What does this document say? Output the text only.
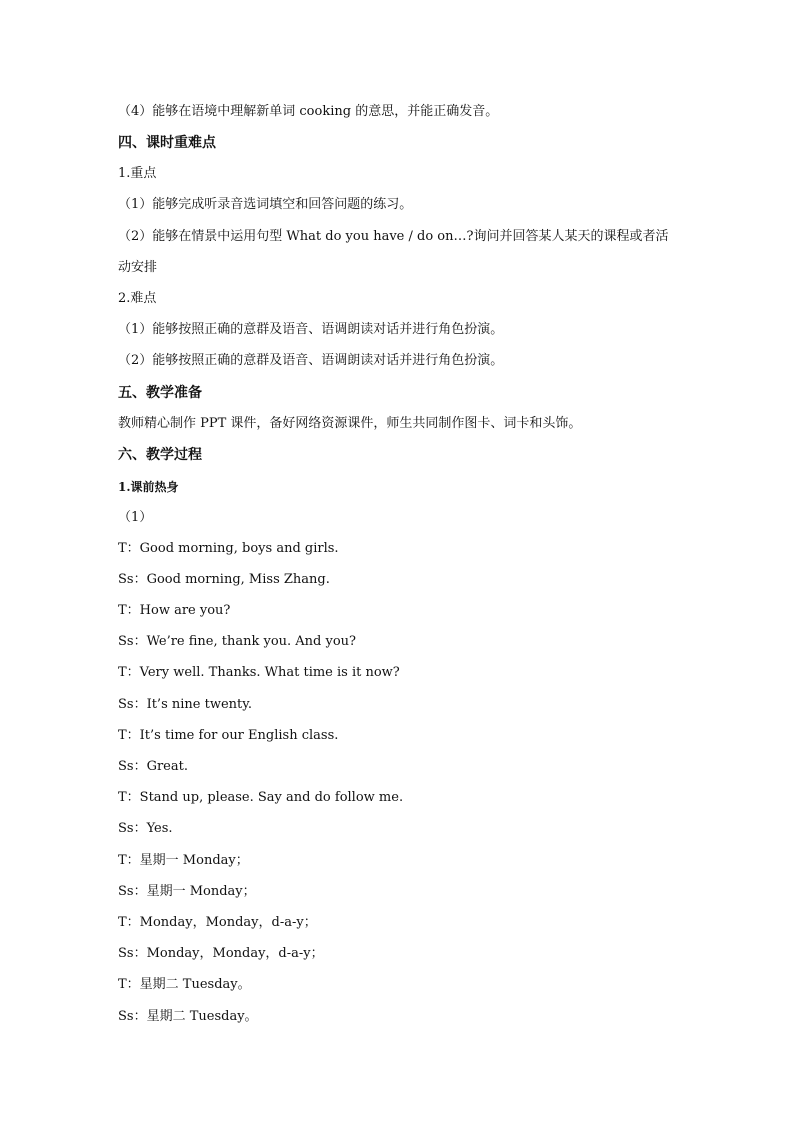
（4）能够在语境中理解新单词 cooking 的意思，并能正确发音。
四、课时重难点
1.重点
（1）能够完成听录音选词填空和回答问题的练习。
（2）能够在情景中运用句型 What do you have / do on…?询问并回答某人某天的课程或者活
动安排
2.难点
（1）能够按照正确的意群及语音、语调朗读对话并进行角色扮演。
（2）能够按照正确的意群及语音、语调朗读对话并进行角色扮演。
五、教学准备
教师精心制作 PPT 课件，备好网络资源课件，师生共同制作图卡、词卡和头饰。
六、教学过程
1.课前热身
（1）
T：Good morning, boys and girls.
Ss：Good morning, Miss Zhang.
T：How are you?
Ss：We’re fine, thank you. And you?
T：Very well. Thanks. What time is it now?
Ss：It’s nine twenty.
T：It’s time for our English class.
Ss：Great.
T：Stand up, please. Say and do follow me.
Ss：Yes.
T：星期一 Monday；
Ss：星期一 Monday；
T：Monday，Monday，d-a-y；
Ss：Monday，Monday，d-a-y；
T：星期二 Tuesday。
Ss：星期二 Tuesday。
